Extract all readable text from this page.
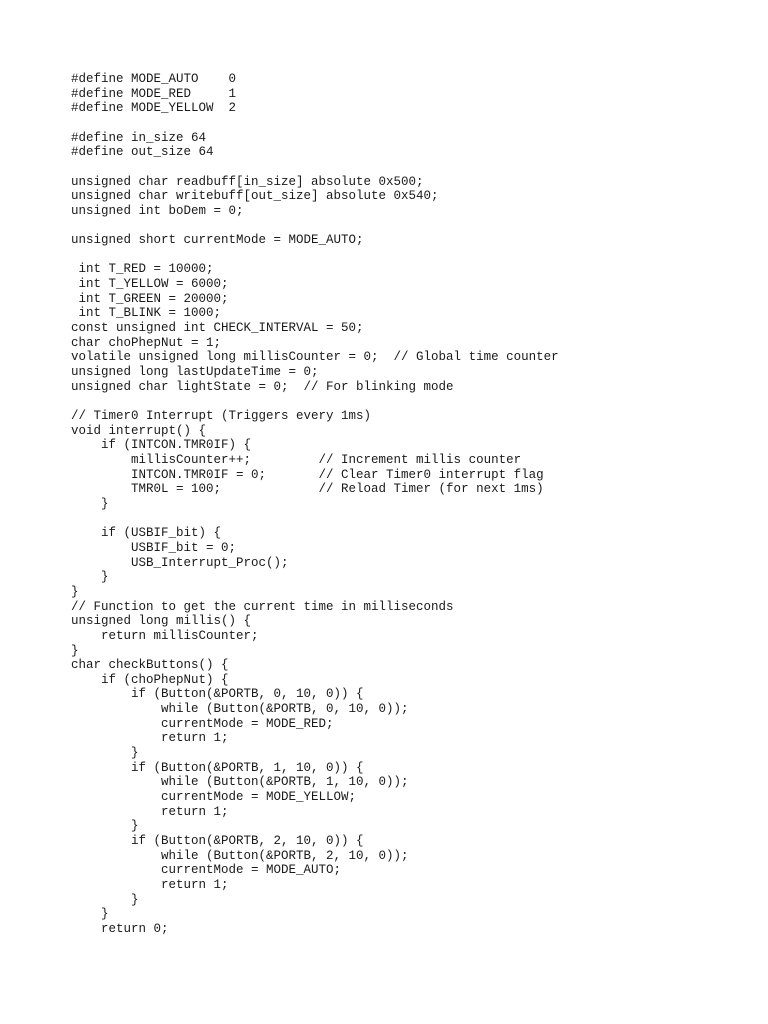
#define MODE_AUTO    0
#define MODE_RED     1
#define MODE_YELLOW  2
#define in_size 64
#define out_size 64
unsigned char readbuff[in_size] absolute 0x500;
unsigned char writebuff[out_size] absolute 0x540;
unsigned int boDem = 0;
unsigned short currentMode = MODE_AUTO;
int T_RED = 10000;
int T_YELLOW = 6000;
int T_GREEN = 20000;
int T_BLINK = 1000;
const unsigned int CHECK_INTERVAL = 50;
char choPhepNut = 1;
volatile unsigned long millisCounter = 0;  // Global time counter
unsigned long lastUpdateTime = 0;
unsigned char lightState = 0;  // For blinking mode
// Timer0 Interrupt (Triggers every 1ms)
void interrupt() {
if (INTCON.TMR0IF) {
millisCounter++;         // Increment millis counter
INTCON.TMR0IF = 0;       // Clear Timer0 interrupt flag
TMR0L = 100;             // Reload Timer (for next 1ms)
}
if (USBIF_bit) {
USBIF_bit = 0;
USB_Interrupt_Proc();
}
}
// Function to get the current time in milliseconds
unsigned long millis() {
return millisCounter;
}
char checkButtons() {
if (choPhepNut) {
if (Button(&PORTB, 0, 10, 0)) {
while (Button(&PORTB, 0, 10, 0));
currentMode = MODE_RED;
return 1;
}
if (Button(&PORTB, 1, 10, 0)) {
while (Button(&PORTB, 1, 10, 0));
currentMode = MODE_YELLOW;
return 1;
}
if (Button(&PORTB, 2, 10, 0)) {
while (Button(&PORTB, 2, 10, 0));
currentMode = MODE_AUTO;
return 1;
}
}
return 0;
